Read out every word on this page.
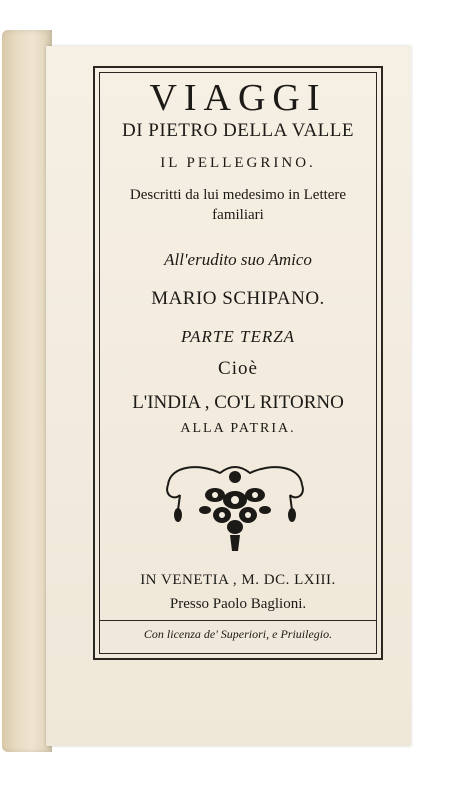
VIAGGI
DI PIETRO DELLA VALLE
IL PELLEGRINO.
Descritti da lui medesimo in Lettere
familiari
All'erudito suo Amico
MARIO SCHIPANO.
PARTE TERZA
Cioè
L'INDIA , CO'L RITORNO
ALLA PATRIA.
IN VENETIA , M. DC. LXIII.
Presso Paolo Baglioni.
Con licenza de' Superiori, e Priuilegio.
